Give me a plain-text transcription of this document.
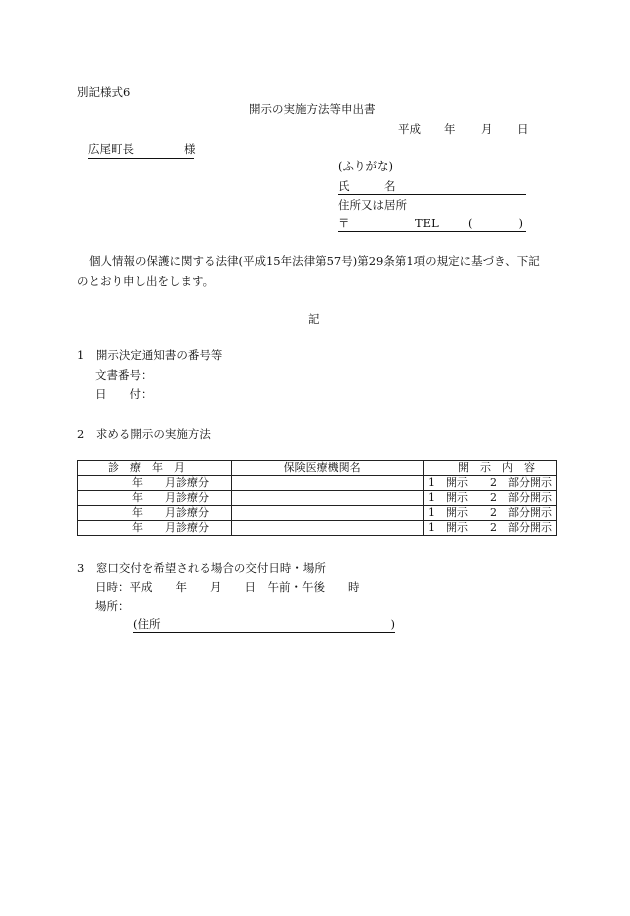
別記様式6
開示の実施方法等申出書
平成 年 月 日
広尾町長	様
(ふりがな)
氏　　　名
住所又は居所
〒	TEL	(　　　　)
個人情報の保護に関する法律(平成15年法律第57号)第29条第1項の規定に基づき、下記
のとおり申し出をします。
記
1　開示決定通知書の番号等
文書番号：
日　　付：
2　求める開示の実施方法
診　療　年　月	保険医療機関名	開　示　内　容
年　　月診療分		1　開示　　2　部分開示
年　　月診療分		1　開示　　2　部分開示
年　　月診療分		1　開示　　2　部分開示
年　　月診療分		1　開示　　2　部分開示
3　窓口交付を希望される場合の交付日時・場所
日時：平成　　年　　月　　日　午前・午後　　時
場所：
(住所	)
